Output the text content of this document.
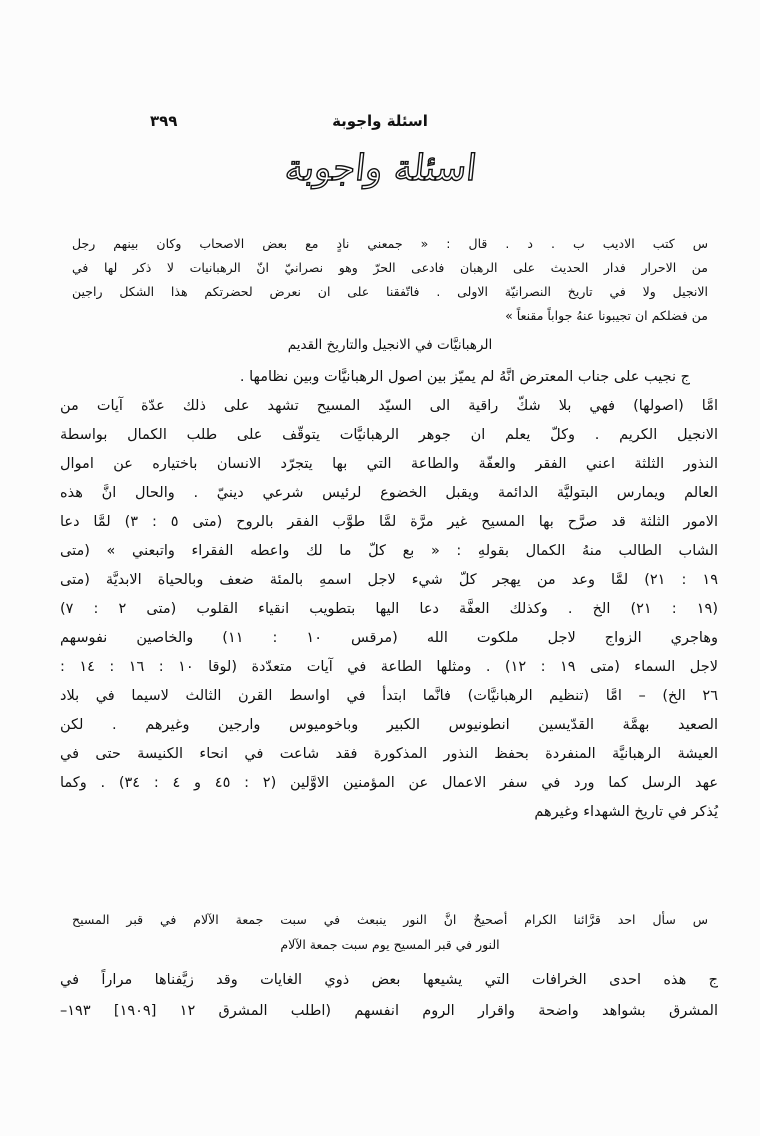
اسئلة واجوبة
٣٩٩
اسئلة واجوبة
س كتب الاديب ب . د . قال : « جمعني نادٍ مع بعض الاصحاب وكان بينهم رجل
من الاحرار فدار الحديث على الرهبان فادعى الحرّ وهو نصرانيّ انّ الرهبانيات لا ذكر لها في
الانجيل ولا في تاريخ النصرانيّة الاولى . فاتّفقنا على ان نعرض لحضرتكم هذا الشكل راجين
من فضلكم ان تجيبونا عنهُ جواباً مقنعاً »
الرهبانيَّات في الانجيل والتاريخ القديم
ج نجيب على جناب المعترض انَّهُ لم يميّز بين اصول الرهبانيَّات وبين نظامها .
امَّا (اصولها) فهي بلا شكّ راقية الى السيّد المسيح تشهد على ذلك عدّة آيات من
الانجيل الكريم . وكلّ يعلم ان جوهر الرهبانيَّات يتوقّف على طلب الكمال بواسطة
النذور الثلثة اعني الفقر والعفّة والطاعة التي بها يتجرّد الانسان باختياره عن اموال
العالم ويمارس البتوليَّة الدائمة ويقبل الخضوع لرئيس شرعي دينيّ . والحال انَّ هذه
الامور الثلثة قد صرَّح بها المسيح غير مرَّة لمَّا طوَّب الفقر بالروح (متى ٥ : ٣) لمَّا دعا
الشاب الطالب منهُ الكمال بقولهِ : « بع كلّ ما لك واعطه الفقراء واتبعني » (متى
١٩ : ٢١) لمَّا وعد من يهجر كلّ شيء لاجل اسمهِ بالمئة ضعف وبالحياة الابديَّة (متى
(١٩ : ٢١) الخ . وكذلك العفَّة دعا اليها بتطويب انقياء القلوب (متى ٢ : ٧)
وهاجري الزواج لاجل ملكوت الله (مرقس ١٠ : ١١) والخاصين نفوسهم
لاجل السماء (متى ١٩ : ١٢) . ومثلها الطاعة في آيات متعدّدة (لوقا ١٠ : ١٦ : ١٤ :
٢٦ الخ) – امَّا (تنظيم الرهبانيَّات) فانَّما ابتدأ في اواسط القرن الثالث لاسيما في بلاد
الصعيد بهمَّة القدّيسين انطونيوس الكبير وباخوميوس وارجين وغيرهم . لكن
العيشة الرهبانيَّة المنفردة بحفظ النذور المذكورة فقد شاعت في انحاء الكنيسة حتى في
عهد الرسل كما ورد في سفر الاعمال عن المؤمنين الاوَّلين (٢ : ٤٥ و ٤ : ٣٤) . وكما
يُذكر في تاريخ الشهداء وغيرهم
س سأل احد قرَّائنا الكرام أصحيحٌ انَّ النور ينبعث في سبت جمعة الآلام في قبر المسيح
النور في قبر المسيح يوم سبت جمعة الآلام
ج هذه احدى الخرافات التي يشيعها بعض ذوي الغايات وقد زيَّفناها مراراً في
المشرق بشواهد واضحة واقرار الروم انفسهم (اطلب المشرق ١٢ [١٩٠٩] ١٩٣–
